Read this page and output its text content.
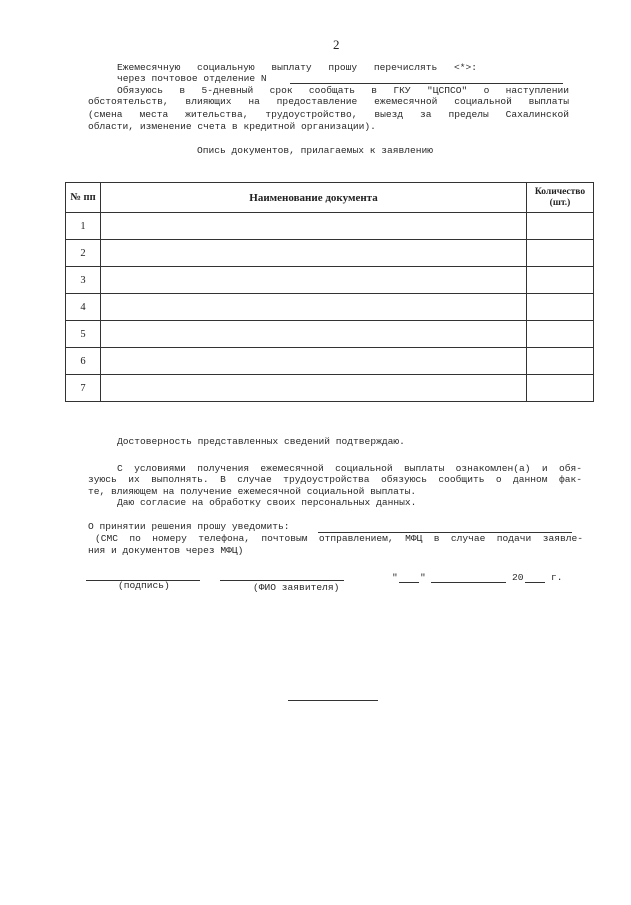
2
Ежемесячную социальную выплату прошу перечислять <*>:
через почтовое отделение N
Обязуюсь в 5-дневный срок сообщать в ГКУ "ЦСПСО" о наступлении
обстоятельств, влияющих на предоставление ежемесячной социальной выплаты
(смена места жительства, трудоустройство, выезд за пределы Сахалинской
области, изменение счета в кредитной организации).
Опись документов, прилагаемых к заявлению
№ пп	Наименование документа	Количество
(шт.)
1		
2		
3		
4		
5		
6		
7		
Достоверность представленных сведений подтверждаю.
С условиями получения ежемесячной социальной выплаты ознакомлен(а) и обя-
зуюсь их выполнять. В случае трудоустройства обязуюсь сообщить о данном фак-
те, влияющем на получение ежемесячной социальной выплаты.
Даю согласие на обработку своих персональных данных.
О принятии решения прошу уведомить:
(СМС по номеру телефона, почтовым отправлением, МФЦ в случае подачи заявле-
ния и документов через МФЦ)
" "	20	г.
(подпись)	(ФИО заявителя)
